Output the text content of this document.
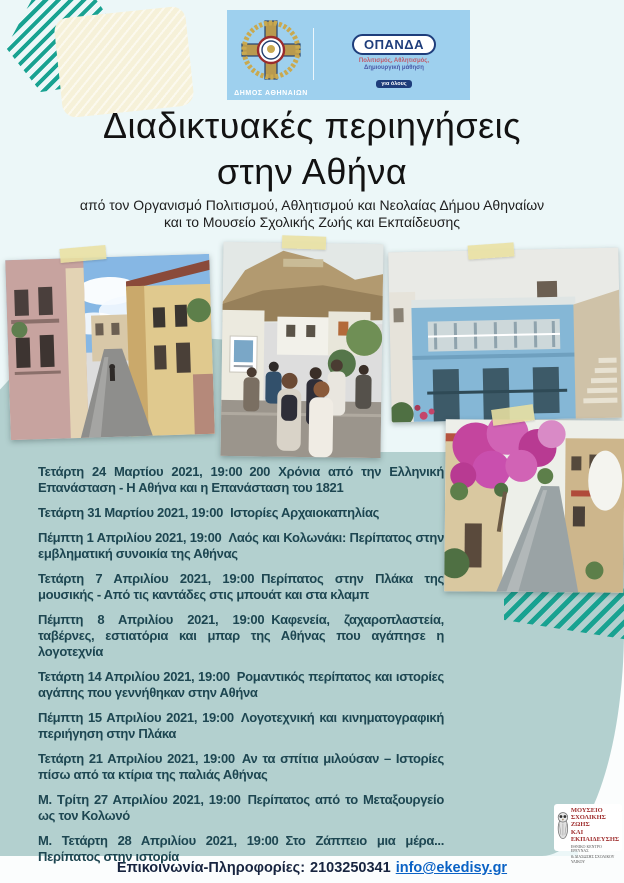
ΔΗΜΟΣ ΑΘΗΝΑΙΩΝ
ΟΠΑΝΔΑ
Πολιτισμός, Αθλητισμός,
Δημιουργική μάθηση
για όλους
Διαδικτυακές περιηγήσεις
στην Αθήνα
από τον Οργανισμό Πολιτισμού, Αθλητισμού και Νεολαίας Δήμου Αθηναίων
και το Μουσείο Σχολικής Ζωής και Εκπαίδευσης

Τετάρτη 24 Μαρτίου 2021, 19:00 200 Χρόνια από την Ελληνική Επανάσταση - Η Αθήνα και η Επανάσταση του 1821

Τετάρτη 31 Μαρτίου 2021, 19:00 Ιστορίες Αρχαιοκαπηλίας

Πέμπτη 1 Απριλίου 2021, 19:00 Λαός και Κολωνάκι: Περίπατος στην εμβληματική συνοικία της Αθήνας

Τετάρτη 7 Απριλίου 2021, 19:00 Περίπατος στην Πλάκα της μουσικής - Από τις καντάδες στις μπουάτ και στα κλαμπ

Πέμπτη 8 Απριλίου 2021, 19:00 Καφενεία, ζαχαροπλαστεία, ταβέρνες, εστιατόρια και μπαρ της Αθήνας που αγάπησε η λογοτεχνία

Τετάρτη 14 Απριλίου 2021, 19:00 Ρομαντικός περίπατος και ιστορίες αγάπης που γεννήθηκαν στην Αθήνα

Πέμπτη 15 Απριλίου 2021, 19:00 Λογοτεχνική και κινηματογραφική περιήγηση στην Πλάκα

Τετάρτη 21 Απριλίου 2021, 19:00 Αν τα σπίτια μιλούσαν – Ιστορίες πίσω από τα κτίρια της παλιάς Αθήνας

Μ. Τρίτη 27 Απριλίου 2021, 19:00 Περίπατος από το Μεταξουργείο ως τον Κολωνό

Μ. Τετάρτη 28 Απριλίου 2021, 19:00 Στο Ζάππειο μια μέρα... Περίπατος στην ιστορία

ΜΟΥΣΕΙΟ
ΣΧΟΛΙΚΗΣ ΖΩΗΣ
ΚΑΙ ΕΚΠΑΙΔΕΥΣΗΣ
ΕΘΝΙΚΟ ΚΕΝΤΡΟ ΕΡΕΥΝΑΣ
& ΔΙΑΣΩΣΗΣ ΣΧΟΛΙΚΟΥ ΥΛΙΚΟΥ
Επικοινωνία-Πληροφορίες: 2103250341 info@ekedisy.gr
